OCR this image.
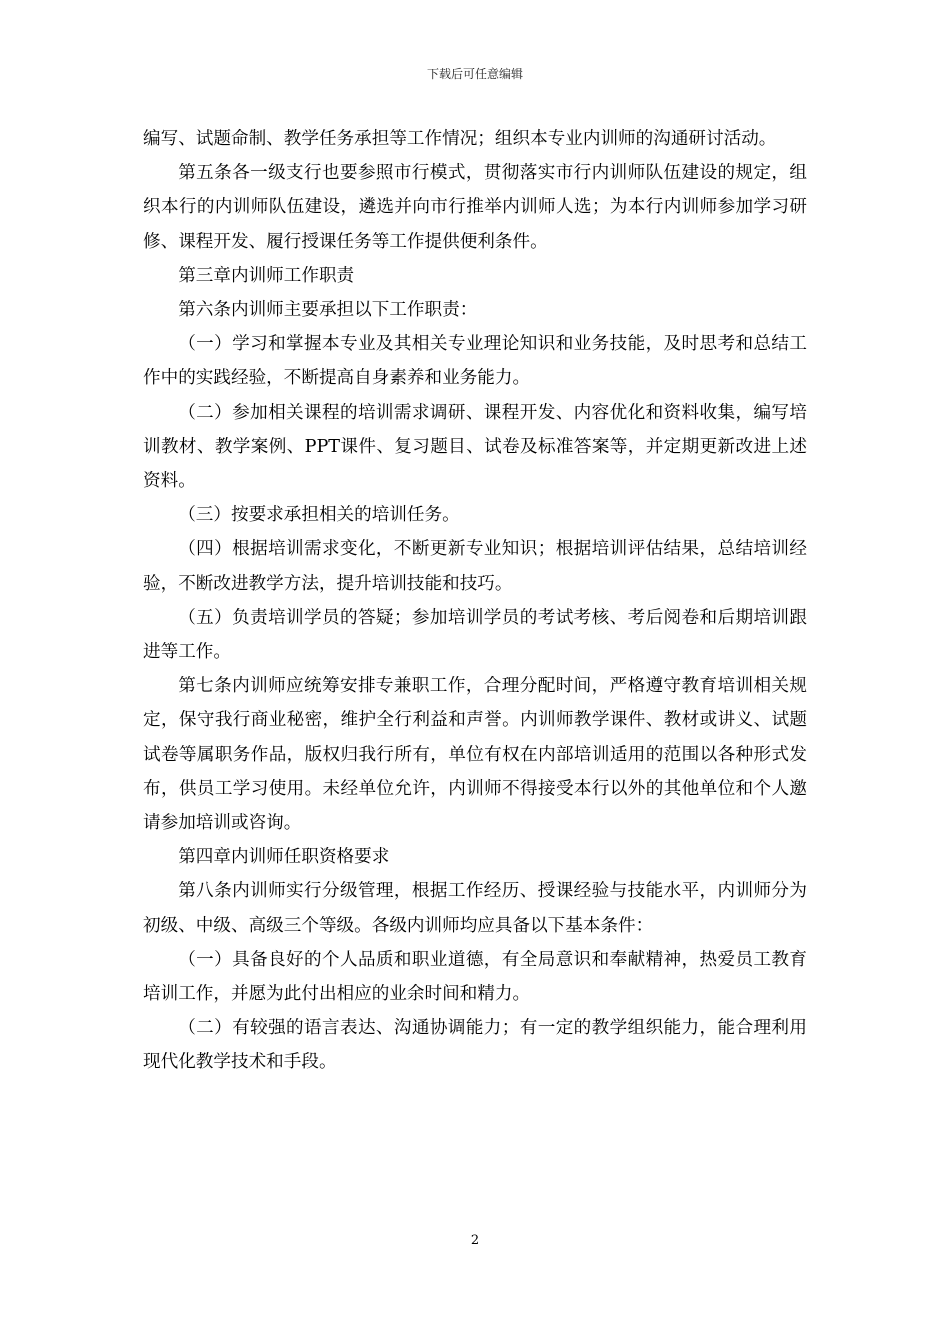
下载后可任意编辑

编写、试题命制、教学任务承担等工作情况；组织本专业内训师的沟通研讨活动。

第五条各一级支行也要参照市行模式，贯彻落实市行内训师队伍建设的规定，组织本行的内训师队伍建设，遴选并向市行推举内训师人选；为本行内训师参加学习研修、课程开发、履行授课任务等工作提供便利条件。

第三章内训师工作职责

第六条内训师主要承担以下工作职责：

（一）学习和掌握本专业及其相关专业理论知识和业务技能，及时思考和总结工作中的实践经验，不断提高自身素养和业务能力。

（二）参加相关课程的培训需求调研、课程开发、内容优化和资料收集，编写培训教材、教学案例、PPT课件、复习题目、试卷及标准答案等，并定期更新改进上述资料。

（三）按要求承担相关的培训任务。

（四）根据培训需求变化，不断更新专业知识；根据培训评估结果，总结培训经验，不断改进教学方法，提升培训技能和技巧。

（五）负责培训学员的答疑；参加培训学员的考试考核、考后阅卷和后期培训跟进等工作。

第七条内训师应统筹安排专兼职工作，合理分配时间，严格遵守教育培训相关规定，保守我行商业秘密，维护全行利益和声誉。内训师教学课件、教材或讲义、试题试卷等属职务作品，版权归我行所有，单位有权在内部培训适用的范围以各种形式发布，供员工学习使用。未经单位允许，内训师不得接受本行以外的其他单位和个人邀请参加培训或咨询。

第四章内训师任职资格要求

第八条内训师实行分级管理，根据工作经历、授课经验与技能水平，内训师分为初级、中级、高级三个等级。各级内训师均应具备以下基本条件：

（一）具备良好的个人品质和职业道德，有全局意识和奉献精神，热爱员工教育培训工作，并愿为此付出相应的业余时间和精力。

（二）有较强的语言表达、沟通协调能力；有一定的教学组织能力，能合理利用现代化教学技术和手段。

2
